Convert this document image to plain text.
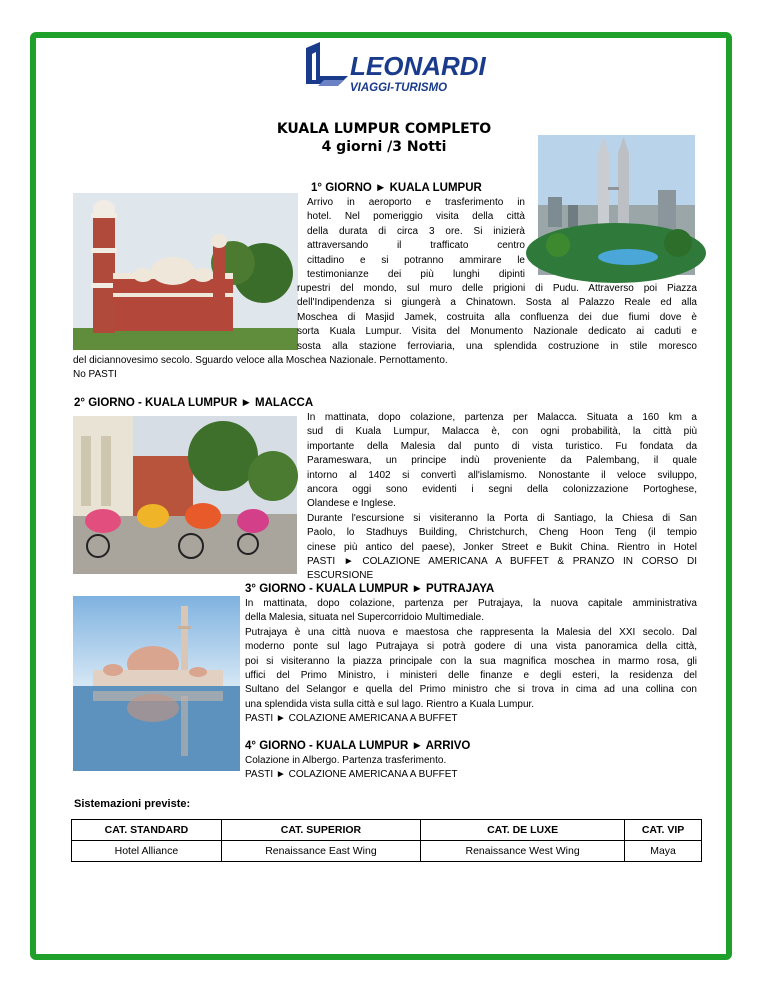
LEONARDI
VIAGGI-TURISMO
KUALA LUMPUR COMPLETO
4 giorni /3 Notti
1° GIORNO ► KUALA LUMPUR

Arrivo in aeroporto e trasferimento in

hotel. Nel pomeriggio visita della città

della durata di circa 3 ore. Si inizierà

attraversando il trafficato centro

cittadino e si potranno ammirare le

testimonianze dei più lunghi dipinti

rupestri del mondo, sul muro delle prigioni di Pudu. Attraverso poi Piazza

dell'Indipendenza si giungerà a Chinatown. Sosta al Palazzo Reale ed alla

Moschea di Masjid Jamek, costruita alla confluenza dei due fiumi dove è

sorta Kuala Lumpur. Visita del Monumento Nazionale dedicato ai caduti e

sosta alla stazione ferroviaria, una splendida costruzione in stile moresco

del diciannovesimo secolo. Sguardo veloce alla Moschea Nazionale. Pernottamento.

No PASTI

2° GIORNO - KUALA LUMPUR ► MALACCA

In mattinata, dopo colazione, partenza per Malacca. Situata a 160 km a

sud di Kuala Lumpur, Malacca è, con ogni probabilità, la città più

importante della Malesia dal punto di vista turistico. Fu fondata da

Parameswara, un principe indù proveniente da Palembang, il quale

intorno al 1402 si convertì all'islamismo. Nonostante il veloce sviluppo,

ancora oggi sono evidenti i segni della colonizzazione Portoghese,

Olandese e Inglese.

Durante l'escursione si visiteranno la Porta di Santiago, la Chiesa di San

Paolo, lo Stadhuys Building, Christchurch, Cheng Hoon Teng (il tempio

cinese più antico del paese), Jonker Street e Bukit China. Rientro in Hotel

PASTI ► COLAZIONE AMERICANA A BUFFET & PRANZO IN CORSO DI

ESCURSIONE

3° GIORNO - KUALA LUMPUR ► PUTRAJAYA

In mattinata, dopo colazione, partenza per Putrajaya, la nuova capitale amministrativa

della Malesia, situata nel Supercorridoio Multimediale.

Putrajaya è una città nuova e maestosa che rappresenta la Malesia del XXI secolo. Dal

moderno ponte sul lago Putrajaya si potrà godere di una vista panoramica della città,

poi si visiteranno la piazza principale con la sua magnifica moschea in marmo rosa, gli

uffici del Primo Ministro, i ministeri delle finanze e degli esteri, la residenza del

Sultano del Selangor e quella del Primo ministro che si trova in cima ad una collina con

una splendida vista sulla città e sul lago. Rientro a Kuala Lumpur.

PASTI ► COLAZIONE AMERICANA A BUFFET

4° GIORNO - KUALA LUMPUR ► ARRIVO

Colazione in Albergo. Partenza trasferimento.

PASTI ► COLAZIONE AMERICANA A BUFFET

Sistemazioni previste:
CAT. STANDARD	CAT. SUPERIOR	CAT. DE LUXE	CAT. VIP
Hotel Alliance	Renaissance East Wing	Renaissance West Wing	Maya
